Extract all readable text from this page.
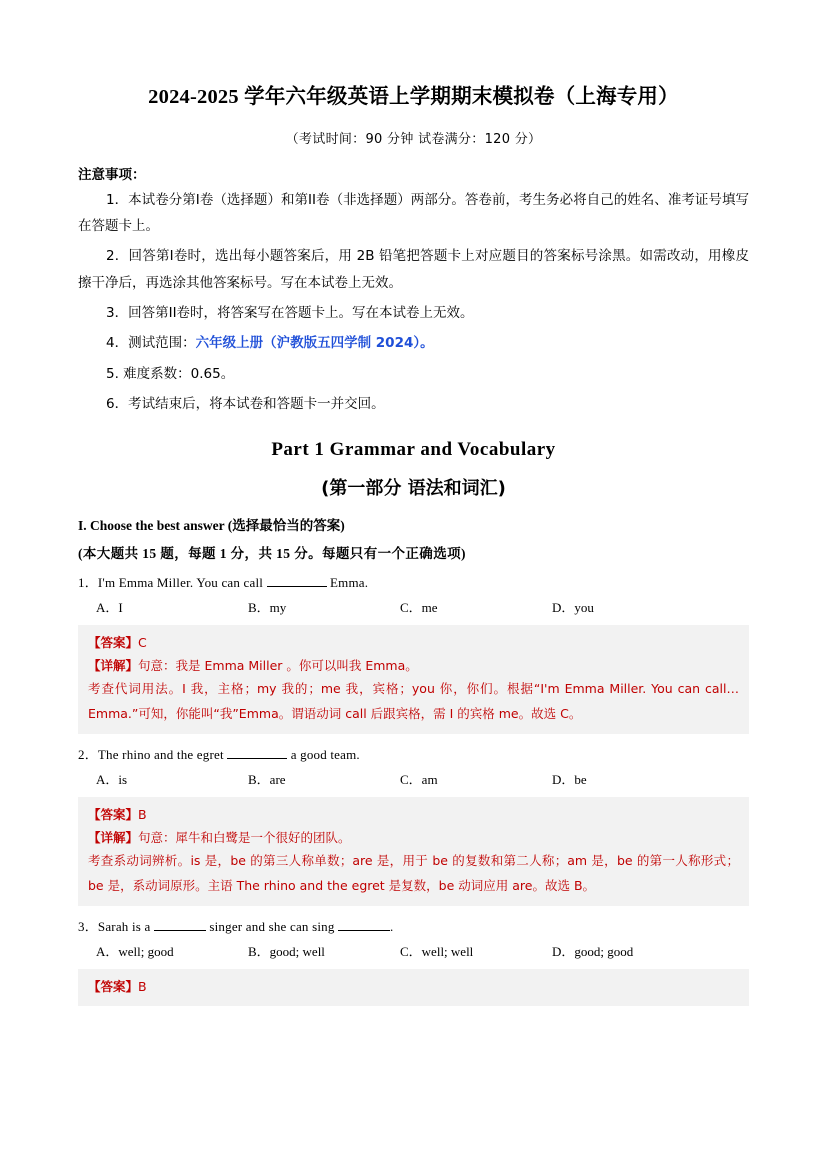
2024-2025 学年六年级英语上学期期末模拟卷（上海专用）
（考试时间：90 分钟 试卷满分：120 分）
注意事项：
1．本试卷分第I卷（选择题）和第II卷（非选择题）两部分。答卷前，考生务必将自己的姓名、准考证号填写在答题卡上。
2．回答第I卷时，选出每小题答案后，用 2B 铅笔把答题卡上对应题目的答案标号涂黑。如需改动，用橡皮擦干净后，再选涂其他答案标号。写在本试卷上无效。
3．回答第II卷时，将答案写在答题卡上。写在本试卷上无效。
4．测试范围：六年级上册（沪教版五四学制 2024）。
5. 难度系数：0.65。
6．考试结束后，将本试卷和答题卡一并交回。
Part 1 Grammar and Vocabulary
(第一部分 语法和词汇)
I. Choose the best answer (选择最恰当的答案)
(本大题共 15 题，每题 1 分，共 15 分。每题只有一个正确选项)
1．I'm Emma Miller. You can call	Emma.
A．I	B．my	C．me	D．you
【答案】C
【详解】句意：我是 Emma Miller 。你可以叫我 Emma。
考查代词用法。I 我，主格；my 我的；me 我，宾格；you 你，你们。根据“I'm Emma Miller. You can call…Emma.”可知，你能叫“我”Emma。谓语动词 call 后跟宾格，需 I 的宾格 me。故选 C。
2．The rhino and the egret	a good team.
A．is	B．are	C．am	D．be
【答案】B
【详解】句意：犀牛和白鹭是一个很好的团队。
考查系动词辨析。is 是，be 的第三人称单数；are 是，用于 be 的复数和第二人称；am 是，be 的第一人称形式；be 是，系动词原形。主语 The rhino and the egret 是复数，be 动词应用 are。故选 B。
3．Sarah is a	singer and she can sing	.
A．well; good	B．good; well	C．well; well	D．good; good
【答案】B
